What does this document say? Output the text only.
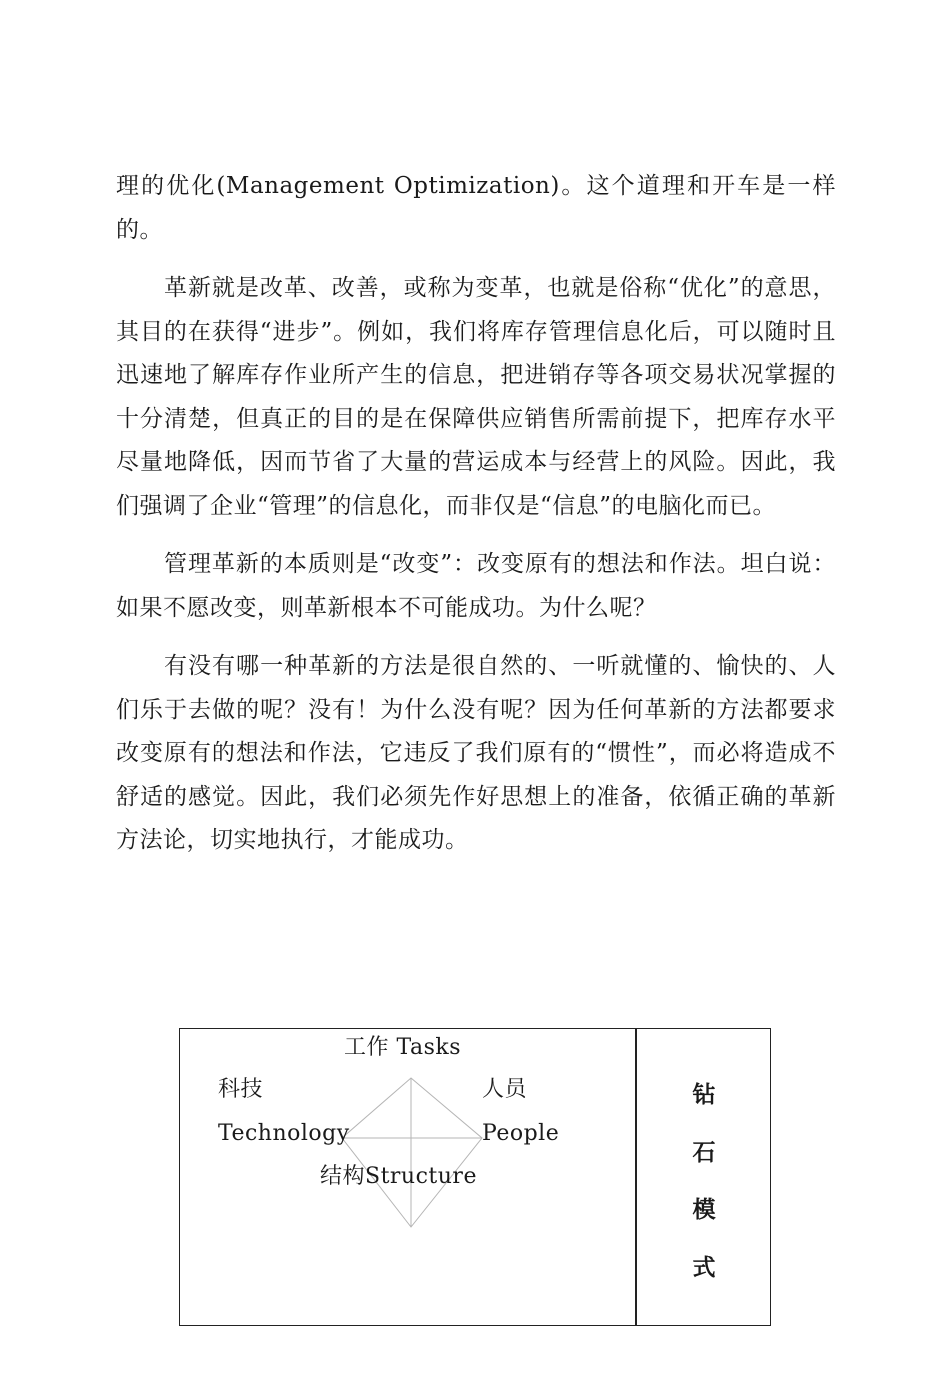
理的优化(Management Optimization)。这个道理和开车是一样的。

革新就是改革、改善，或称为变革，也就是俗称“优化”的意思，其目的在获得“进步”。例如，我们将库存管理信息化后，可以随时且迅速地了解库存作业所产生的信息，把进销存等各项交易状况掌握的十分清楚，但真正的目的是在保障供应销售所需前提下，把库存水平尽量地降低，因而节省了大量的营运成本与经营上的风险。因此，我们强调了企业“管理”的信息化，而非仅是“信息”的电脑化而已。

管理革新的本质则是“改变”：改变原有的想法和作法。坦白说：如果不愿改变，则革新根本不可能成功。为什么呢？

有没有哪一种革新的方法是很自然的、一听就懂的、愉快的、人们乐于去做的呢？没有！为什么没有呢？因为任何革新的方法都要求改变原有的想法和作法，它违反了我们原有的“惯性”，而必将造成不舒适的感觉。因此，我们必须先作好思想上的准备，依循正确的革新方法论，切实地执行，才能成功。

工作 Tasks
科技
Technology
人员
People
结构Structure
钻
石
模
式
